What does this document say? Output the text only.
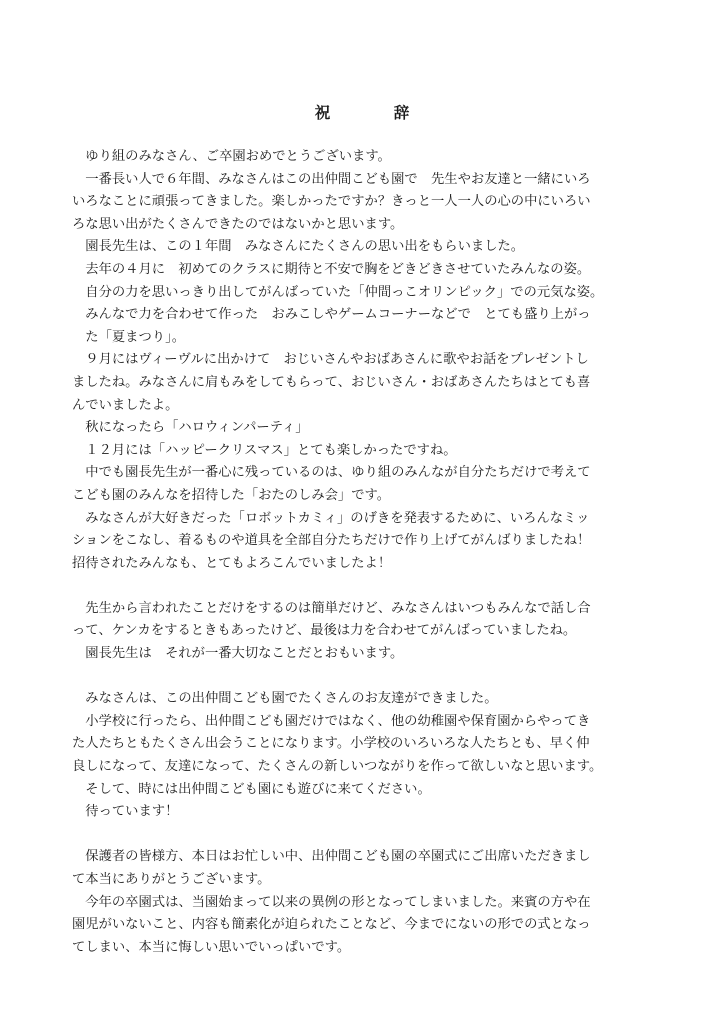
祝　辞
　ゆり組のみなさん、ご卒園おめでとうございます。
　一番長い人で６年間、みなさんはこの出仲間こども園で　先生やお友達と一緒にいろ
いろなことに頑張ってきました。楽しかったですか？きっと一人一人の心の中にいろい
ろな思い出がたくさんできたのではないかと思います。
　園長先生は、この１年間　みなさんにたくさんの思い出をもらいました。
　去年の４月に　初めてのクラスに期待と不安で胸をどきどきさせていたみんなの姿。
　自分の力を思いっきり出してがんばっていた「仲間っこオリンピック」での元気な姿。
　みんなで力を合わせて作った　おみこしやゲームコーナーなどで　とても盛り上がっ
　た「夏まつり」。
　９月にはヴィーヴルに出かけて　おじいさんやおばあさんに歌やお話をプレゼントし
ましたね。みなさんに肩もみをしてもらって、おじいさん・おばあさんたちはとても喜
んでいましたよ。
　秋になったら「ハロウィンパーティ」
　１２月には「ハッピークリスマス」とても楽しかったですね。
　中でも園長先生が一番心に残っているのは、ゆり組のみんなが自分たちだけで考えて
こども園のみんなを招待した「おたのしみ会」です。
　みなさんが大好きだった「ロボットカミィ」のげきを発表するために、いろんなミッ
ションをこなし、着るものや道具を全部自分たちだけで作り上げてがんばりましたね！
招待されたみんなも、とてもよろこんでいましたよ！
　先生から言われたことだけをするのは簡単だけど、みなさんはいつもみんなで話し合
って、ケンカをするときもあったけど、最後は力を合わせてがんばっていましたね。
　園長先生は　それが一番大切なことだとおもいます。
　みなさんは、この出仲間こども園でたくさんのお友達ができました。
　小学校に行ったら、出仲間こども園だけではなく、他の幼稚園や保育園からやってき
た人たちともたくさん出会うことになります。小学校のいろいろな人たちとも、早く仲
良しになって、友達になって、たくさんの新しいつながりを作って欲しいなと思います。
　そして、時には出仲間こども園にも遊びに来てください。
　待っています！
　保護者の皆様方、本日はお忙しい中、出仲間こども園の卒園式にご出席いただきまし
て本当にありがとうございます。
　今年の卒園式は、当園始まって以来の異例の形となってしまいました。来賓の方や在
園児がいないこと、内容も簡素化が迫られたことなど、今までにないの形での式となっ
てしまい、本当に悔しい思いでいっぱいです。
